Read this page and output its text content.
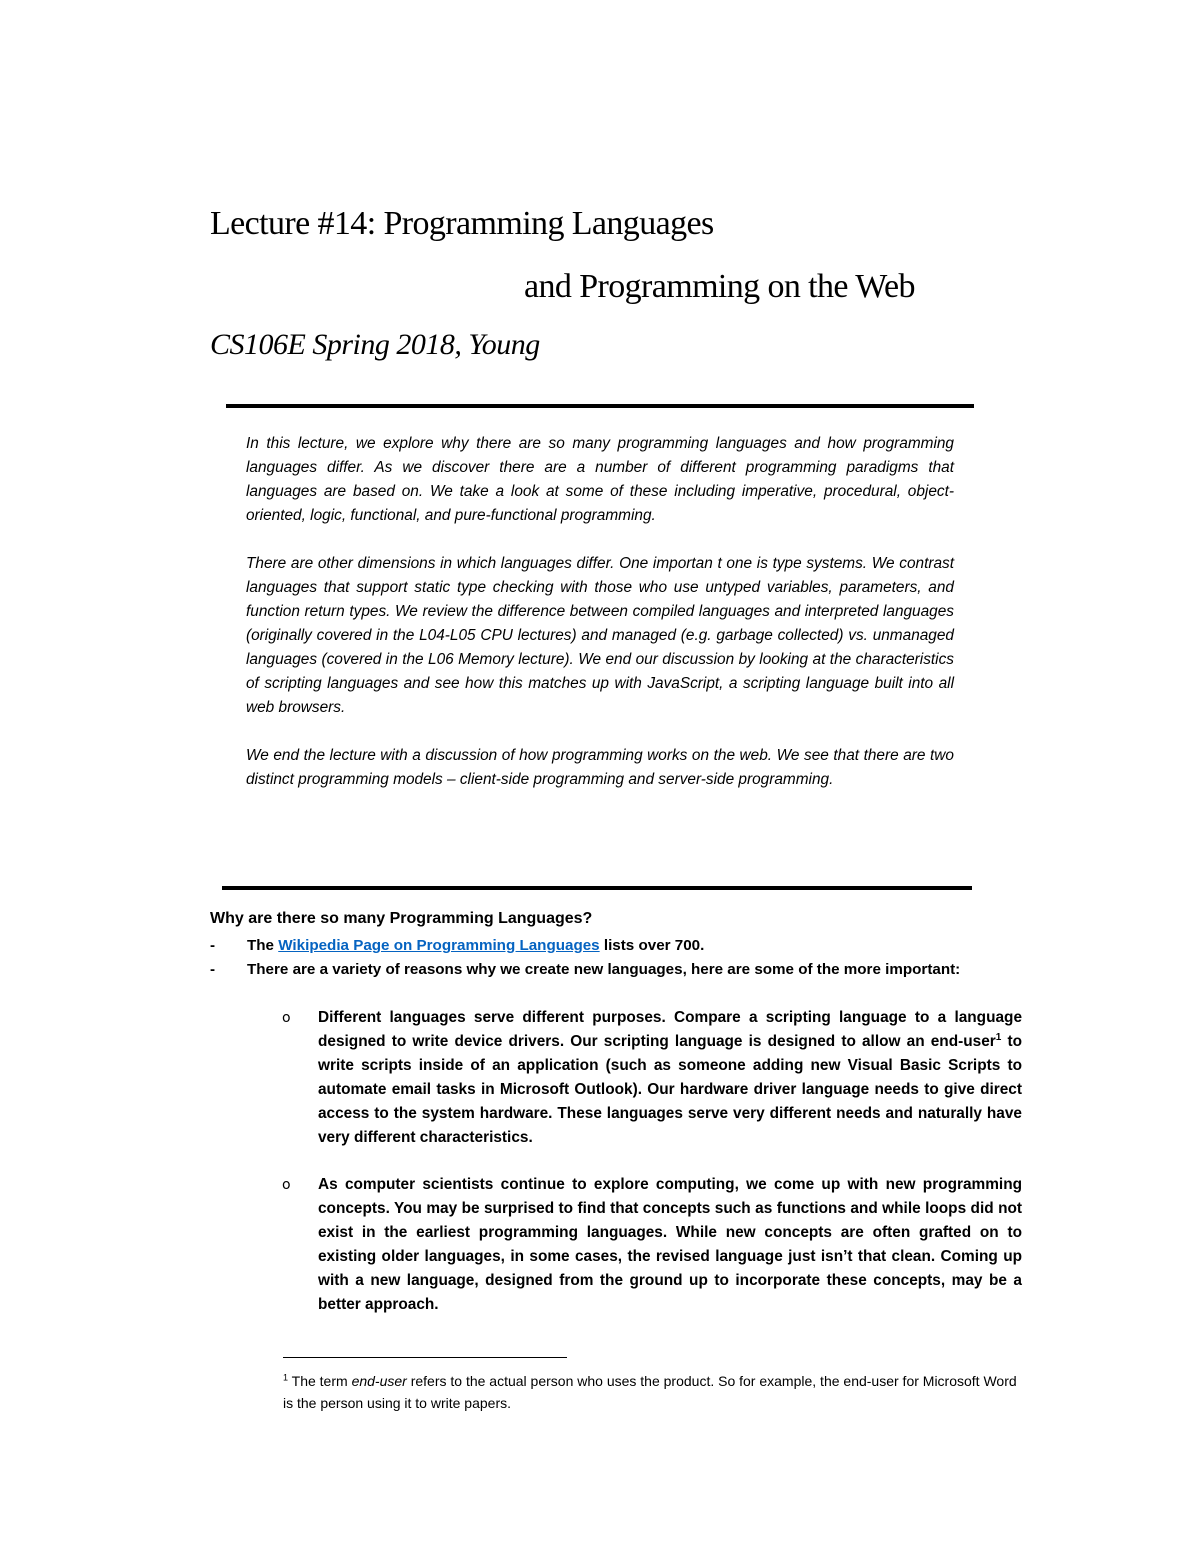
Lecture #14: Programming Languages
and Programming on the Web
CS106E Spring 2018, Young

In this lecture, we explore why there are so many programming languages and how programming languages differ. As we discover there are a number of different programming paradigms that languages are based on. We take a look at some of these including imperative, procedural, object-oriented, logic, functional, and pure-functional programming.

There are other dimensions in which languages differ. One importan t one is type systems. We contrast languages that support static type checking with those who use untyped variables, parameters, and function return types. We review the difference between compiled languages and interpreted languages (originally covered in the L04-L05 CPU lectures) and managed (e.g. garbage collected) vs. unmanaged languages (covered in the L06 Memory lecture). We end our discussion by looking at the characteristics of scripting languages and see how this matches up with JavaScript, a scripting language built into all web browsers.

We end the lecture with a discussion of how programming works on the web. We see that there are two distinct programming models – client-side programming and server-side programming.

Why are there so many Programming Languages?
- The Wikipedia Page on Programming Languages lists over 700.
- There are a variety of reasons why we create new languages, here are some of the more important:
o Different languages serve different purposes. Compare a scripting language to a language designed to write device drivers. Our scripting language is designed to allow an end-user$^1$ to write scripts inside of an application (such as someone adding new Visual Basic Scripts to automate email tasks in Microsoft Outlook). Our hardware driver language needs to give direct access to the system hardware. These languages serve very different needs and naturally have very different characteristics.
o As computer scientists continue to explore computing, we come up with new programming concepts. You may be surprised to find that concepts such as functions and while loops did not exist in the earliest programming languages. While new concepts are often grafted on to existing older languages, in some cases, the revised language just isn’t that clean. Coming up with a new language, designed from the ground up to incorporate these concepts, may be a better approach.
$^1$ The term end-user refers to the actual person who uses the product. So for example, the end-user for Microsoft Word is the person using it to write papers.
